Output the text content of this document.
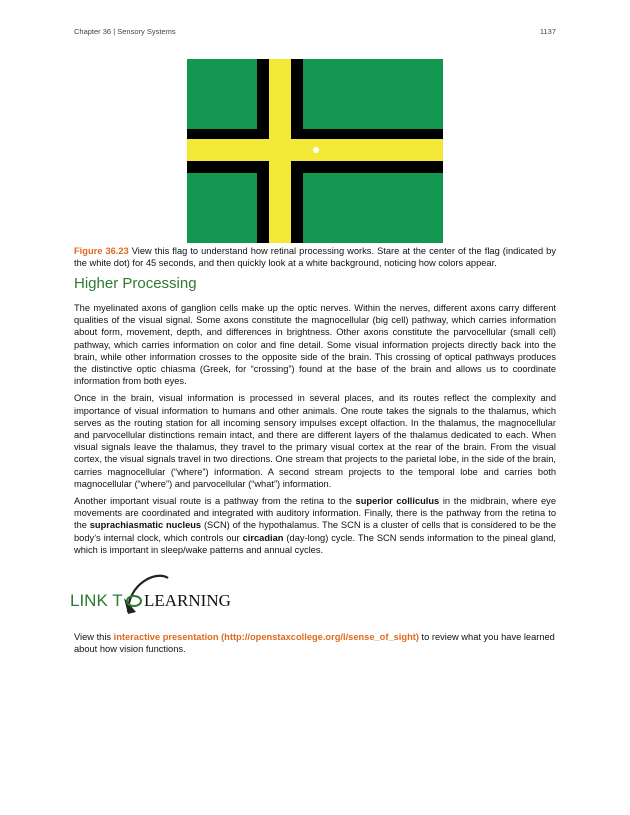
Chapter 36 | Sensory Systems	1137
Figure 36.23 View this flag to understand how retinal processing works. Stare at the center of the flag (indicated by the white dot) for 45 seconds, and then quickly look at a white background, noticing how colors appear.
Higher Processing

The myelinated axons of ganglion cells make up the optic nerves. Within the nerves, different axons carry different qualities of the visual signal. Some axons constitute the magnocellular (big cell) pathway, which carries information about form, movement, depth, and differences in brightness. Other axons constitute the parvocellular (small cell) pathway, which carries information on color and fine detail. Some visual information projects directly back into the brain, while other information crosses to the opposite side of the brain. This crossing of optical pathways produces the distinctive optic chiasma (Greek, for “crossing”) found at the base of the brain and allows us to coordinate information from both eyes.

Once in the brain, visual information is processed in several places, and its routes reflect the complexity and importance of visual information to humans and other animals. One route takes the signals to the thalamus, which serves as the routing station for all incoming sensory impulses except olfaction. In the thalamus, the magnocellular and parvocellular distinctions remain intact, and there are different layers of the thalamus dedicated to each. When visual signals leave the thalamus, they travel to the primary visual cortex at the rear of the brain. From the visual cortex, the visual signals travel in two directions. One stream that projects to the parietal lobe, in the side of the brain, carries magnocellular (“where”) information. A second stream projects to the temporal lobe and carries both magnocellular (“where”) and parvocellular (“what”) information.

Another important visual route is a pathway from the retina to the superior colliculus in the midbrain, where eye movements are coordinated and integrated with auditory information. Finally, there is the pathway from the retina to the suprachiasmatic nucleus (SCN) of the hypothalamus. The SCN is a cluster of cells that is considered to be the body’s internal clock, which controls our circadian (day-long) cycle. The SCN sends information to the pineal gland, which is important in sleep/wake patterns and annual cycles.

LINK T LEARNING
View this interactive presentation (http://openstaxcollege.org/l/sense_of_sight) to review what you have learned about how vision functions.
